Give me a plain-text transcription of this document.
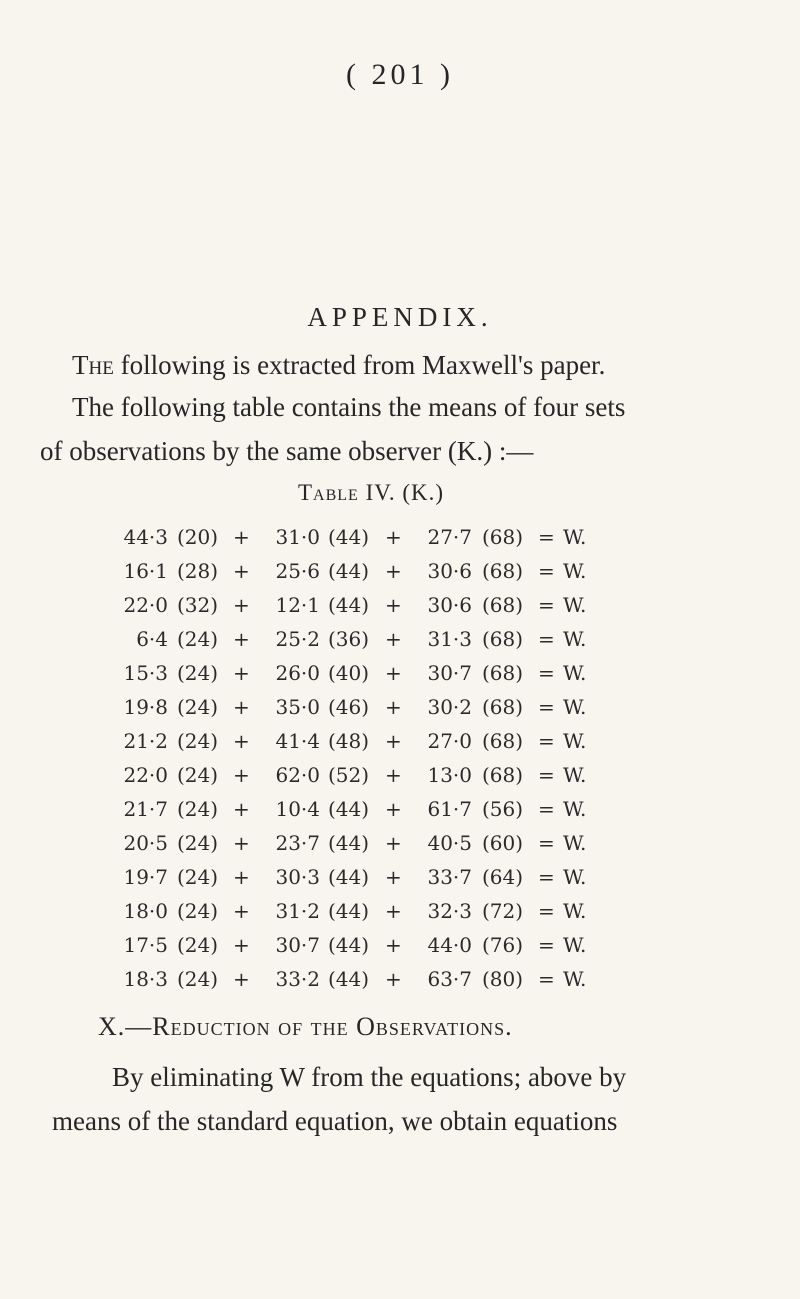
( 201 )
APPENDIX.

The following is extracted from Maxwell's paper.

The following table contains the means of four sets
of observations by the same observer (K.) :—

Table IV. (K.)
44·3 (20) +	31·0 (44) +	27·7 (68) = W.
16·1 (28) +	25·6 (44) +	30·6 (68) = W.
22·0 (32) +	12·1 (44) +	30·6 (68) = W.
6·4 (24) +	25·2 (36) +	31·3 (68) = W.
15·3 (24) +	26·0 (40) +	30·7 (68) = W.
19·8 (24) +	35·0 (46) +	30·2 (68) = W.
21·2 (24) +	41·4 (48) +	27·0 (68) = W.
22·0 (24) +	62·0 (52) +	13·0 (68) = W.
21·7 (24) +	10·4 (44) +	61·7 (56) = W.
20·5 (24) +	23·7 (44) +	40·5 (60) = W.
19·7 (24) +	30·3 (44) +	33·7 (64) = W.
18·0 (24) +	31·2 (44) +	32·3 (72) = W.
17·5 (24) +	30·7 (44) +	44·0 (76) = W.
18·3 (24) +	33·2 (44) +	63·7 (80) = W.
X.—Reduction of the Observations.

By eliminating W from the equations; above by
means of the standard equation, we obtain equations
